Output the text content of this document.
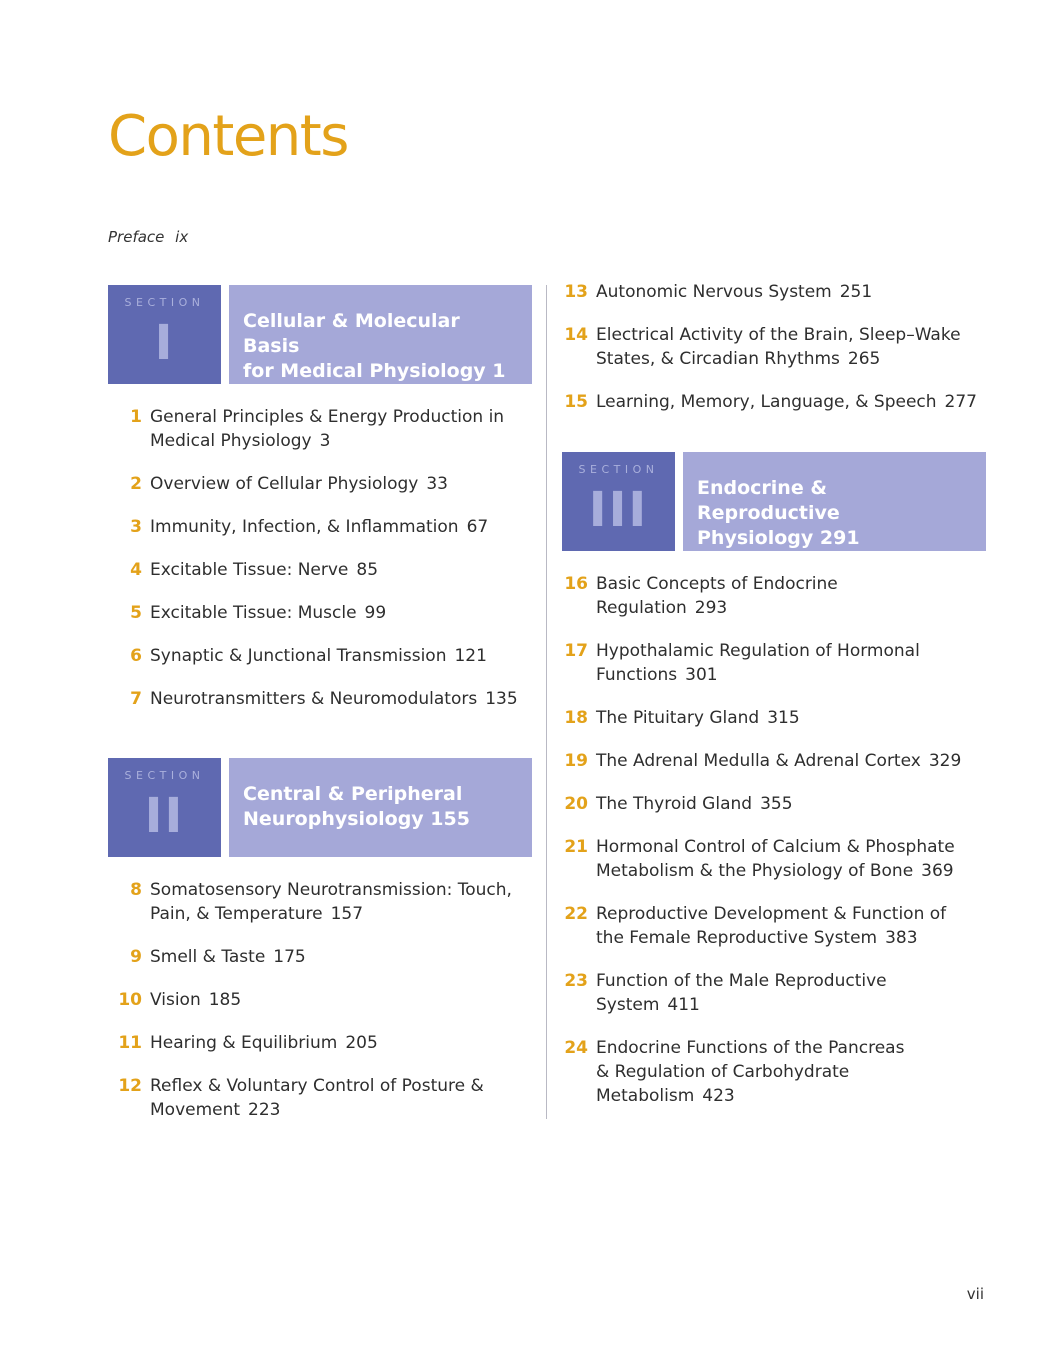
Contents
Preface ix
SECTION
I	Cellular & Molecular Basis
for Medical Physiology 1
1 General Principles & Energy Production in
Medical Physiology 3
2 Overview of Cellular Physiology 33
3 Immunity, Infection, & Inflammation 67
4 Excitable Tissue: Nerve 85
5 Excitable Tissue: Muscle 99
6 Synaptic & Junctional Transmission 121
7 Neurotransmitters & Neuromodulators 135
SECTION
II	Central & Peripheral
Neurophysiology 155
8 Somatosensory Neurotransmission: Touch,
Pain, & Temperature 157
9 Smell & Taste 175
10 Vision 185
11 Hearing & Equilibrium 205
12 Reflex & Voluntary Control of Posture &
Movement 223
13 Autonomic Nervous System 251
14 Electrical Activity of the Brain, Sleep–Wake
States, & Circadian Rhythms 265
15 Learning, Memory, Language, & Speech 277
SECTION
III	Endocrine & Reproductive
Physiology 291
16 Basic Concepts of Endocrine
Regulation 293
17 Hypothalamic Regulation of Hormonal
Functions 301
18 The Pituitary Gland 315
19 The Adrenal Medulla & Adrenal Cortex 329
20 The Thyroid Gland 355
21 Hormonal Control of Calcium & Phosphate
Metabolism & the Physiology of Bone 369
22 Reproductive Development & Function of
the Female Reproductive System 383
23 Function of the Male Reproductive
System 411
24 Endocrine Functions of the Pancreas
& Regulation of Carbohydrate
Metabolism 423
vii
